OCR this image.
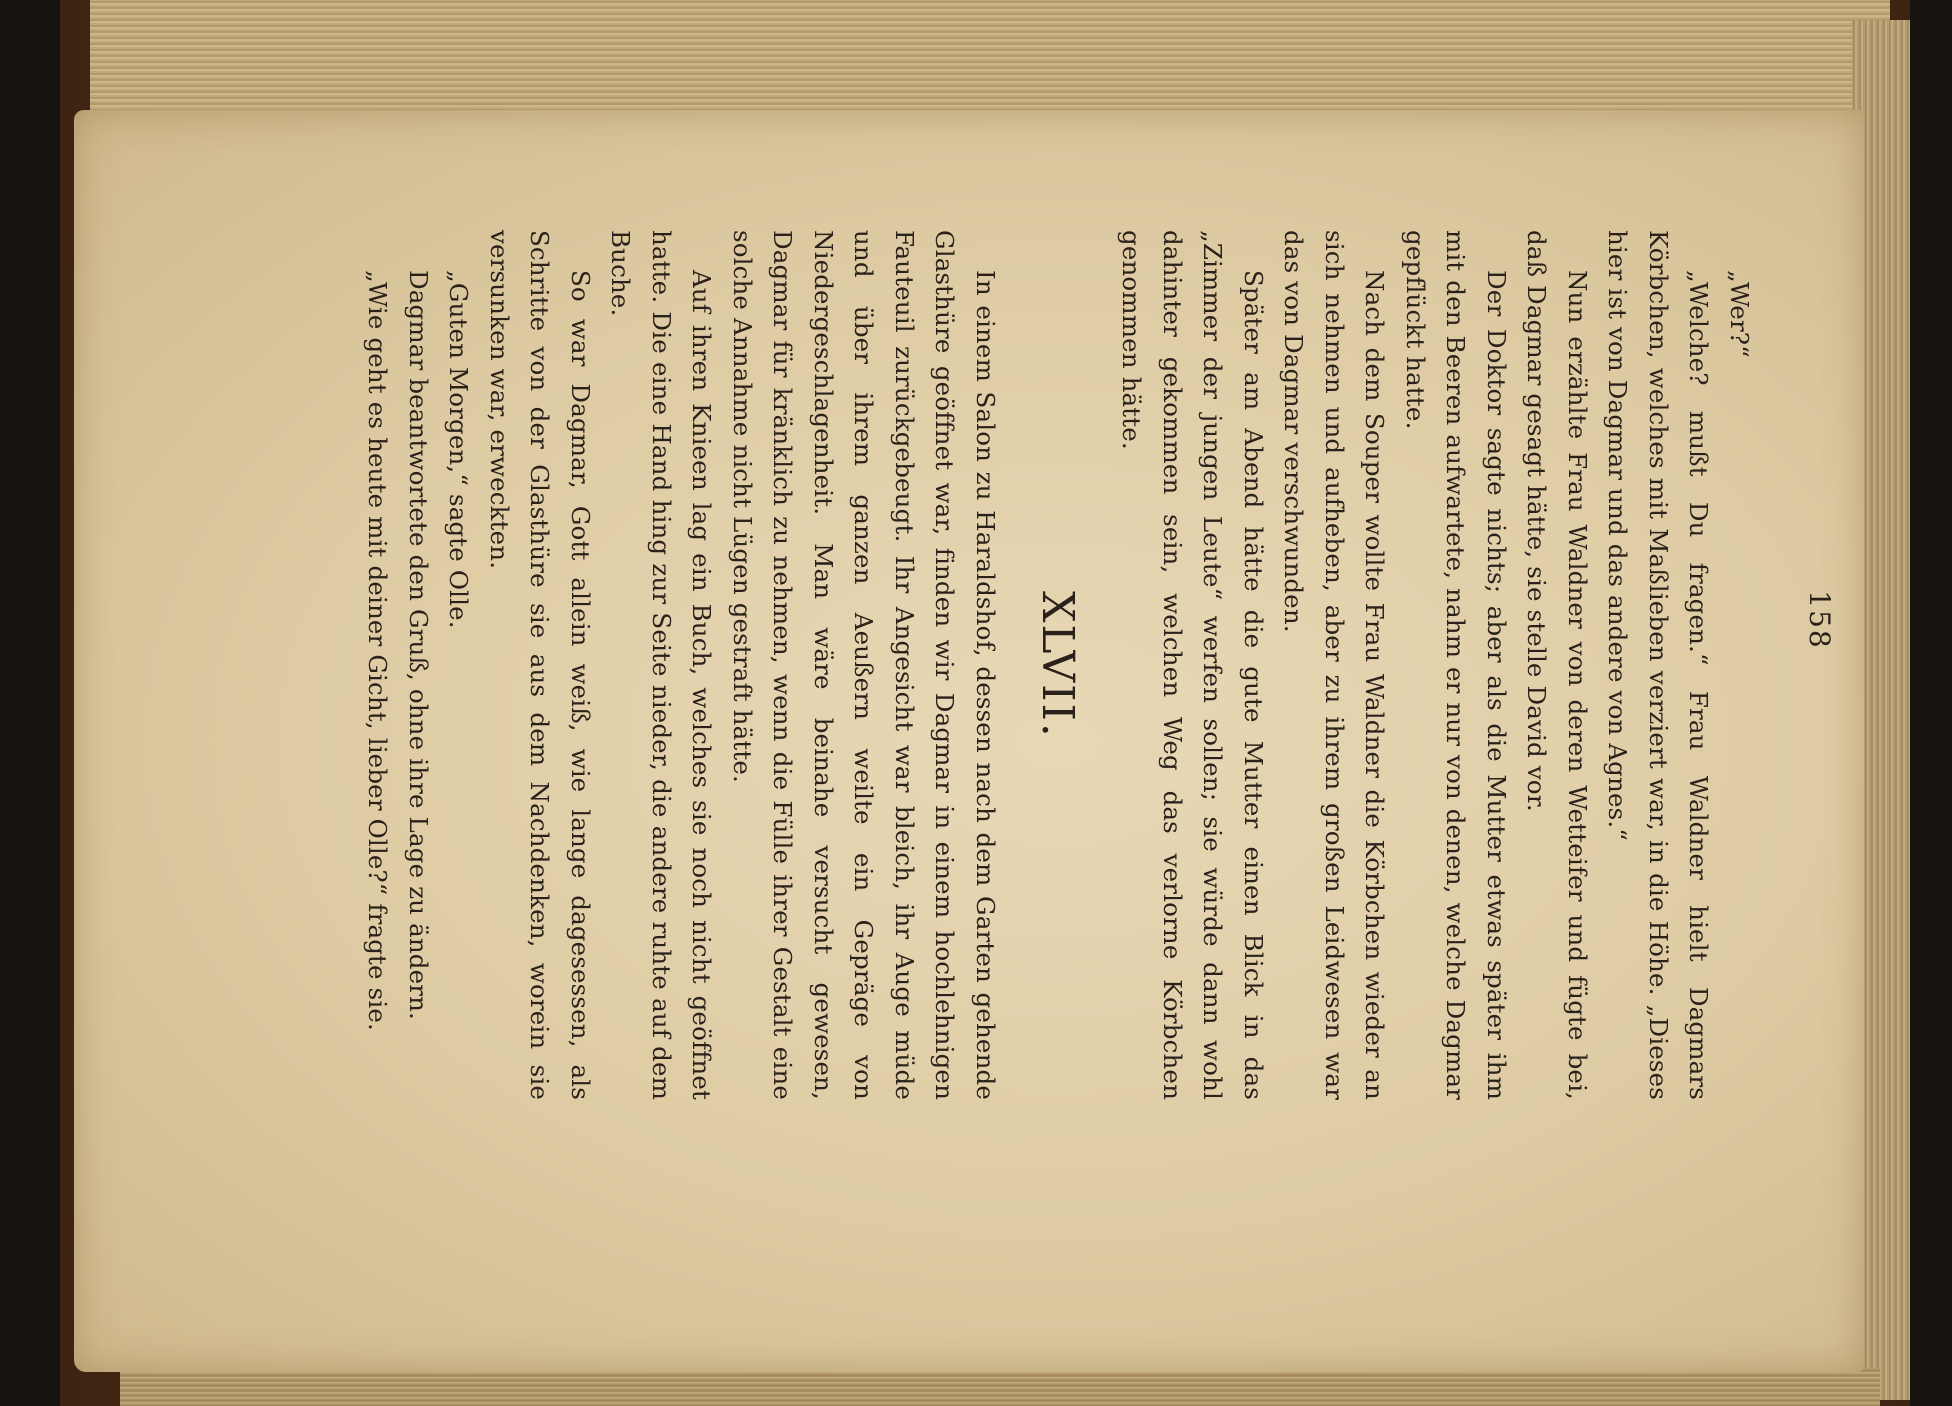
158

„Wer?“

„Welche? mußt Du fragen.“ Frau Waldner hielt Dagmars Körbchen, welches mit Maßlieben verziert war, in die Höhe. „Dieses hier ist von Dagmar und das andere von Agnes.“

Nun erzählte Frau Waldner von deren Wetteifer und fügte bei, daß Dagmar gesagt hätte, sie stelle David vor.

Der Doktor sagte nichts; aber als die Mutter etwas später ihm mit den Beeren aufwartete, nahm er nur von denen, welche Dagmar gepflückt hatte.

Nach dem Souper wollte Frau Waldner die Körbchen wieder an sich nehmen und aufheben, aber zu ihrem großen Leidwesen war das von Dagmar verschwunden.

Später am Abend hätte die gute Mutter einen Blick in das „Zimmer der jungen Leute“ werfen sollen; sie würde dann wohl dahinter gekommen sein, welchen Weg das verlorne Körbchen genommen hätte.

XLVII.

In einem Salon zu Haraldshof, dessen nach dem Garten gehende Glasthüre geöffnet war, finden wir Dagmar in einem hochlehnigen Fauteuil zurückgebeugt. Ihr Angesicht war bleich, ihr Auge müde und über ihrem ganzen Aeußern weilte ein Gepräge von Niedergeschlagenheit. Man wäre beinahe versucht gewesen, Dagmar für kränklich zu nehmen, wenn die Fülle ihrer Gestalt eine solche Annahme nicht Lügen gestraft hätte.

Auf ihren Knieen lag ein Buch, welches sie noch nicht geöffnet hatte. Die eine Hand hing zur Seite nieder, die andere ruhte auf dem Buche.

So war Dagmar, Gott allein weiß, wie lange dagesessen, als Schritte von der Glasthüre sie aus dem Nachdenken, worein sie versunken war, erweckten.

„Guten Morgen,“ sagte Olle.

Dagmar beantwortete den Gruß, ohne ihre Lage zu ändern.

„Wie geht es heute mit deiner Gicht, lieber Olle?“ fragte sie.
